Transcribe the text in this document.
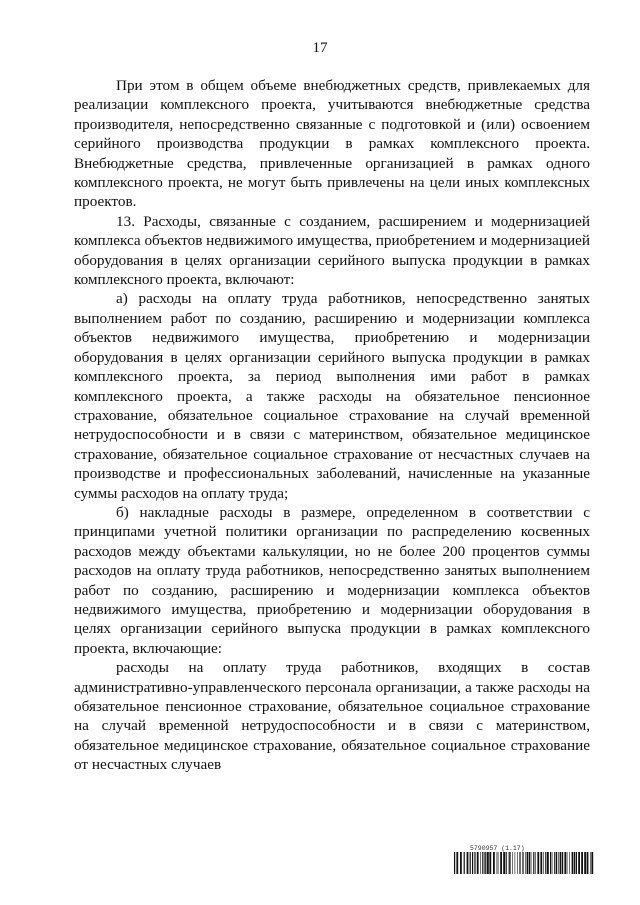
17

При этом в общем объеме внебюджетных средств, привлекаемых для реализации комплексного проекта, учитываются внебюджетные средства производителя, непосредственно связанные с подготовкой и (или) освоением серийного производства продукции в рамках комплексного проекта. Внебюджетные средства, привлеченные организацией в рамках одного комплексного проекта, не могут быть привлечены на цели иных комплексных проектов.

13. Расходы, связанные с созданием, расширением и модернизацией комплекса объектов недвижимого имущества, приобретением и модернизацией оборудования в целях организации серийного выпуска продукции в рамках комплексного проекта, включают:

а) расходы на оплату труда работников, непосредственно занятых выполнением работ по созданию, расширению и модернизации комплекса объектов недвижимого имущества, приобретению и модернизации оборудования в целях организации серийного выпуска продукции в рамках комплексного проекта, за период выполнения ими работ в рамках комплексного проекта, а также расходы на обязательное пенсионное страхование, обязательное социальное страхование на случай временной нетрудоспособности и в связи с материнством, обязательное медицинское страхование, обязательное социальное страхование от несчастных случаев на производстве и профессиональных заболеваний, начисленные на указанные суммы расходов на оплату труда;

б) накладные расходы в размере, определенном в соответствии с принципами учетной политики организации по распределению косвенных расходов между объектами калькуляции, но не более 200 процентов суммы расходов на оплату труда работников, непосредственно занятых выполнением работ по созданию, расширению и модернизации комплекса объектов недвижимого имущества, приобретению и модернизации оборудования в целях организации серийного выпуска продукции в рамках комплексного проекта, включающие:

расходы на оплату труда работников, входящих в состав административно-управленческого персонала организации, а также расходы на обязательное пенсионное страхование, обязательное социальное страхование на случай временной нетрудоспособности и в связи с материнством, обязательное медицинское страхование, обязательное социальное страхование от несчастных случаев

5790957 (1.17)
